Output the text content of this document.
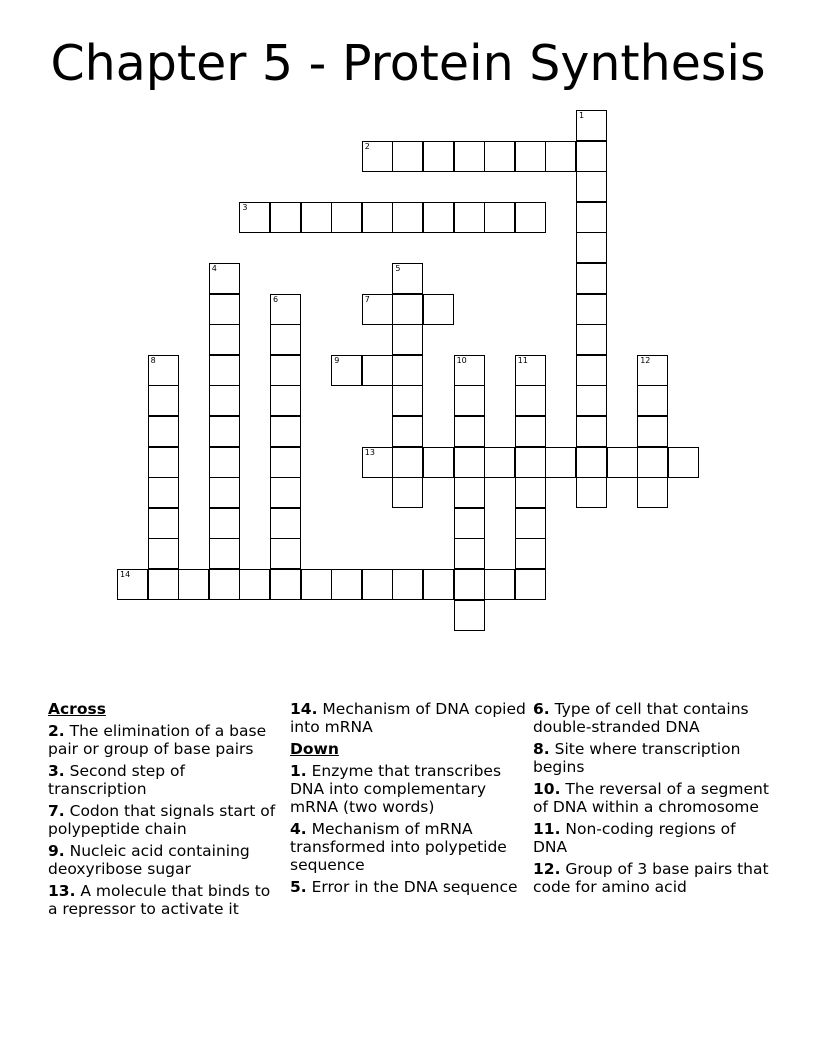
Chapter 5 - Protein Synthesis
2
3
7
9
13
14
1
4	5
6
8	10	11	12
Across
2. The elimination of a base pair or group of base pairs
3. Second step of transcription
7. Codon that signals start of polypeptide chain
9. Nucleic acid containing deoxyribose sugar
13. A molecule that binds to a repressor to activate it
14. Mechanism of DNA copied into mRNA
Down
1. Enzyme that transcribes DNA into complementary mRNA (two words)
4. Mechanism of mRNA transformed into polypetide sequence
5. Error in the DNA sequence
6. Type of cell that contains double-stranded DNA
8. Site where transcription begins
10. The reversal of a segment of DNA within a chromosome
11. Non-coding regions of DNA
12. Group of 3 base pairs that code for amino acid
